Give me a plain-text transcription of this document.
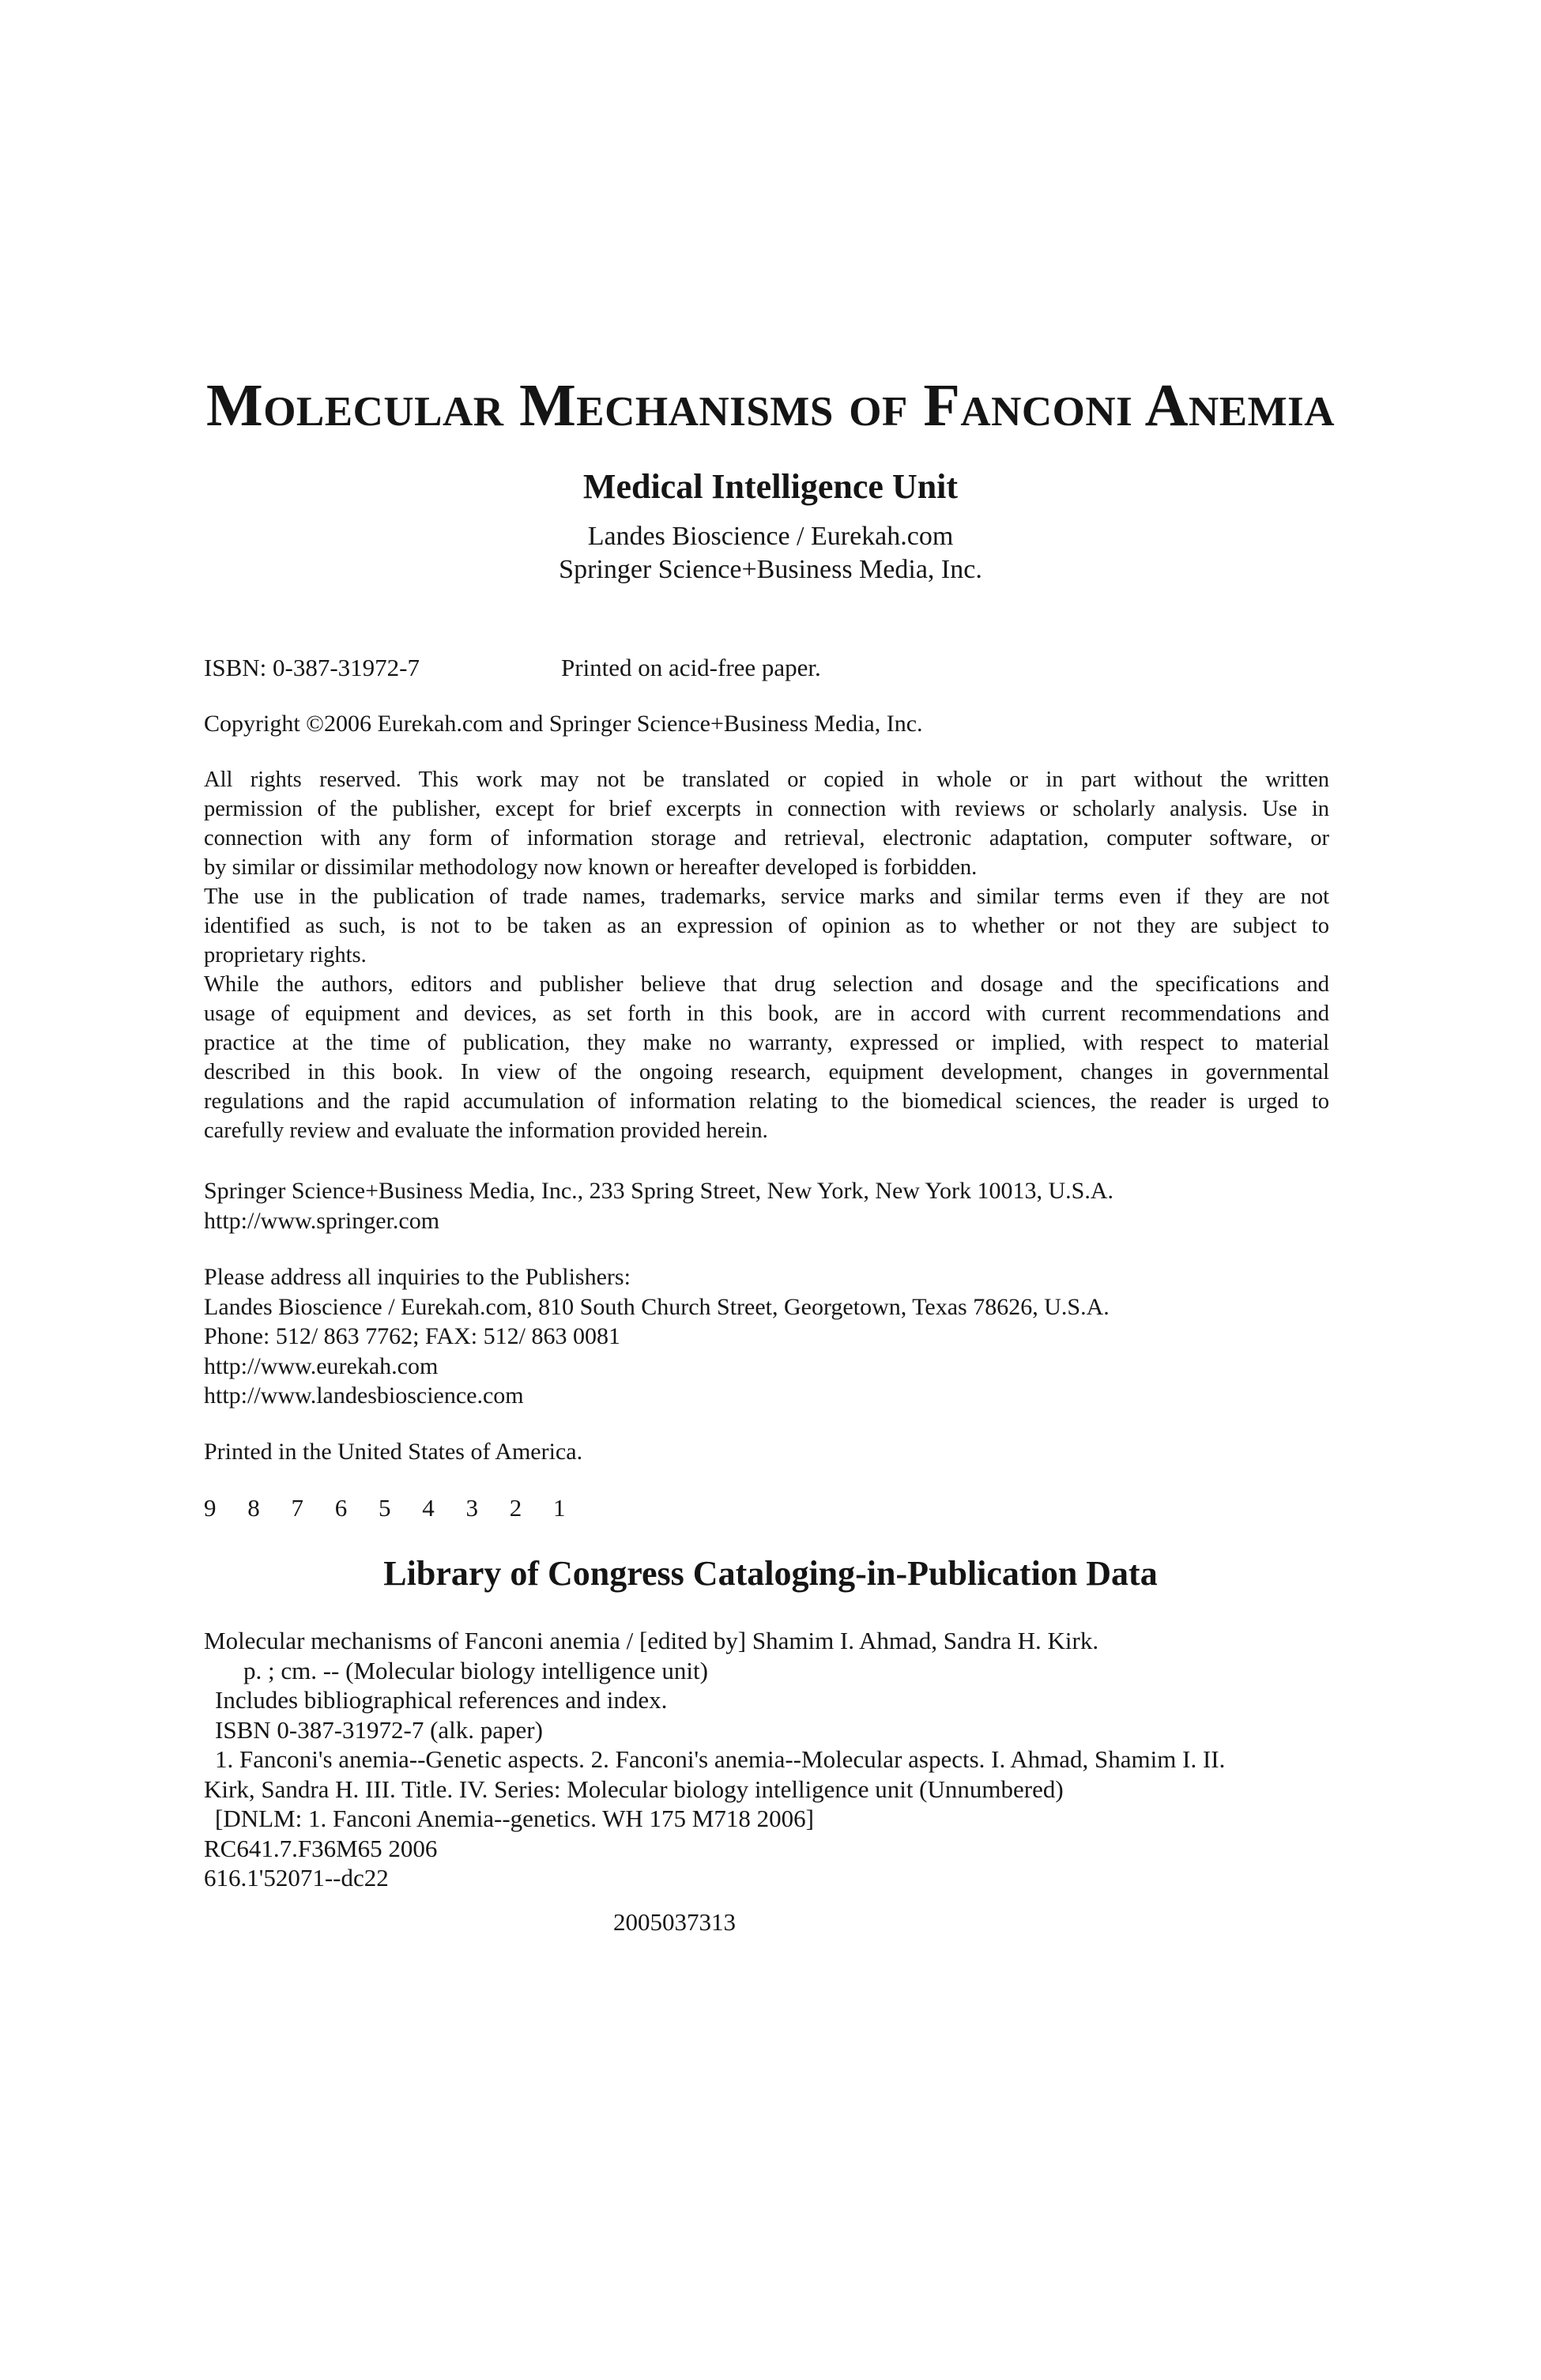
Molecular Mechanisms of Fanconi Anemia
Medical Intelligence Unit
Landes Bioscience / Eurekah.com
Springer Science+Business Media, Inc.
ISBN: 0-387-31972-7	Printed on acid-free paper.
Copyright ©2006 Eurekah.com and Springer Science+Business Media, Inc.
All rights reserved. This work may not be translated or copied in whole or in part without the written
permission of the publisher, except for brief excerpts in connection with reviews or scholarly analysis. Use in
connection with any form of information storage and retrieval, electronic adaptation, computer software, or
by similar or dissimilar methodology now known or hereafter developed is forbidden.
The use in the publication of trade names, trademarks, service marks and similar terms even if they are not
identified as such, is not to be taken as an expression of opinion as to whether or not they are subject to
proprietary rights.
While the authors, editors and publisher believe that drug selection and dosage and the specifications and
usage of equipment and devices, as set forth in this book, are in accord with current recommendations and
practice at the time of publication, they make no warranty, expressed or implied, with respect to material
described in this book. In view of the ongoing research, equipment development, changes in governmental
regulations and the rapid accumulation of information relating to the biomedical sciences, the reader is urged to
carefully review and evaluate the information provided herein.
Springer Science+Business Media, Inc., 233 Spring Street, New York, New York 10013, U.S.A.
http://www.springer.com
Please address all inquiries to the Publishers:
Landes Bioscience / Eurekah.com, 810 South Church Street, Georgetown, Texas 78626, U.S.A.
Phone: 512/ 863 7762; FAX: 512/ 863 0081
http://www.eurekah.com
http://www.landesbioscience.com
Printed in the United States of America.
9 8 7 6 5 4 3 2 1
Library of Congress Cataloging-in-Publication Data
Molecular mechanisms of Fanconi anemia / [edited by] Shamim I. Ahmad, Sandra H. Kirk.
p. ; cm. -- (Molecular biology intelligence unit)
Includes bibliographical references and index.
ISBN 0-387-31972-7 (alk. paper)
1. Fanconi's anemia--Genetic aspects. 2. Fanconi's anemia--Molecular aspects. I. Ahmad, Shamim I. II.
Kirk, Sandra H. III. Title. IV. Series: Molecular biology intelligence unit (Unnumbered)
[DNLM: 1. Fanconi Anemia--genetics. WH 175 M718 2006]
RC641.7.F36M65 2006
616.1'52071--dc22
2005037313
